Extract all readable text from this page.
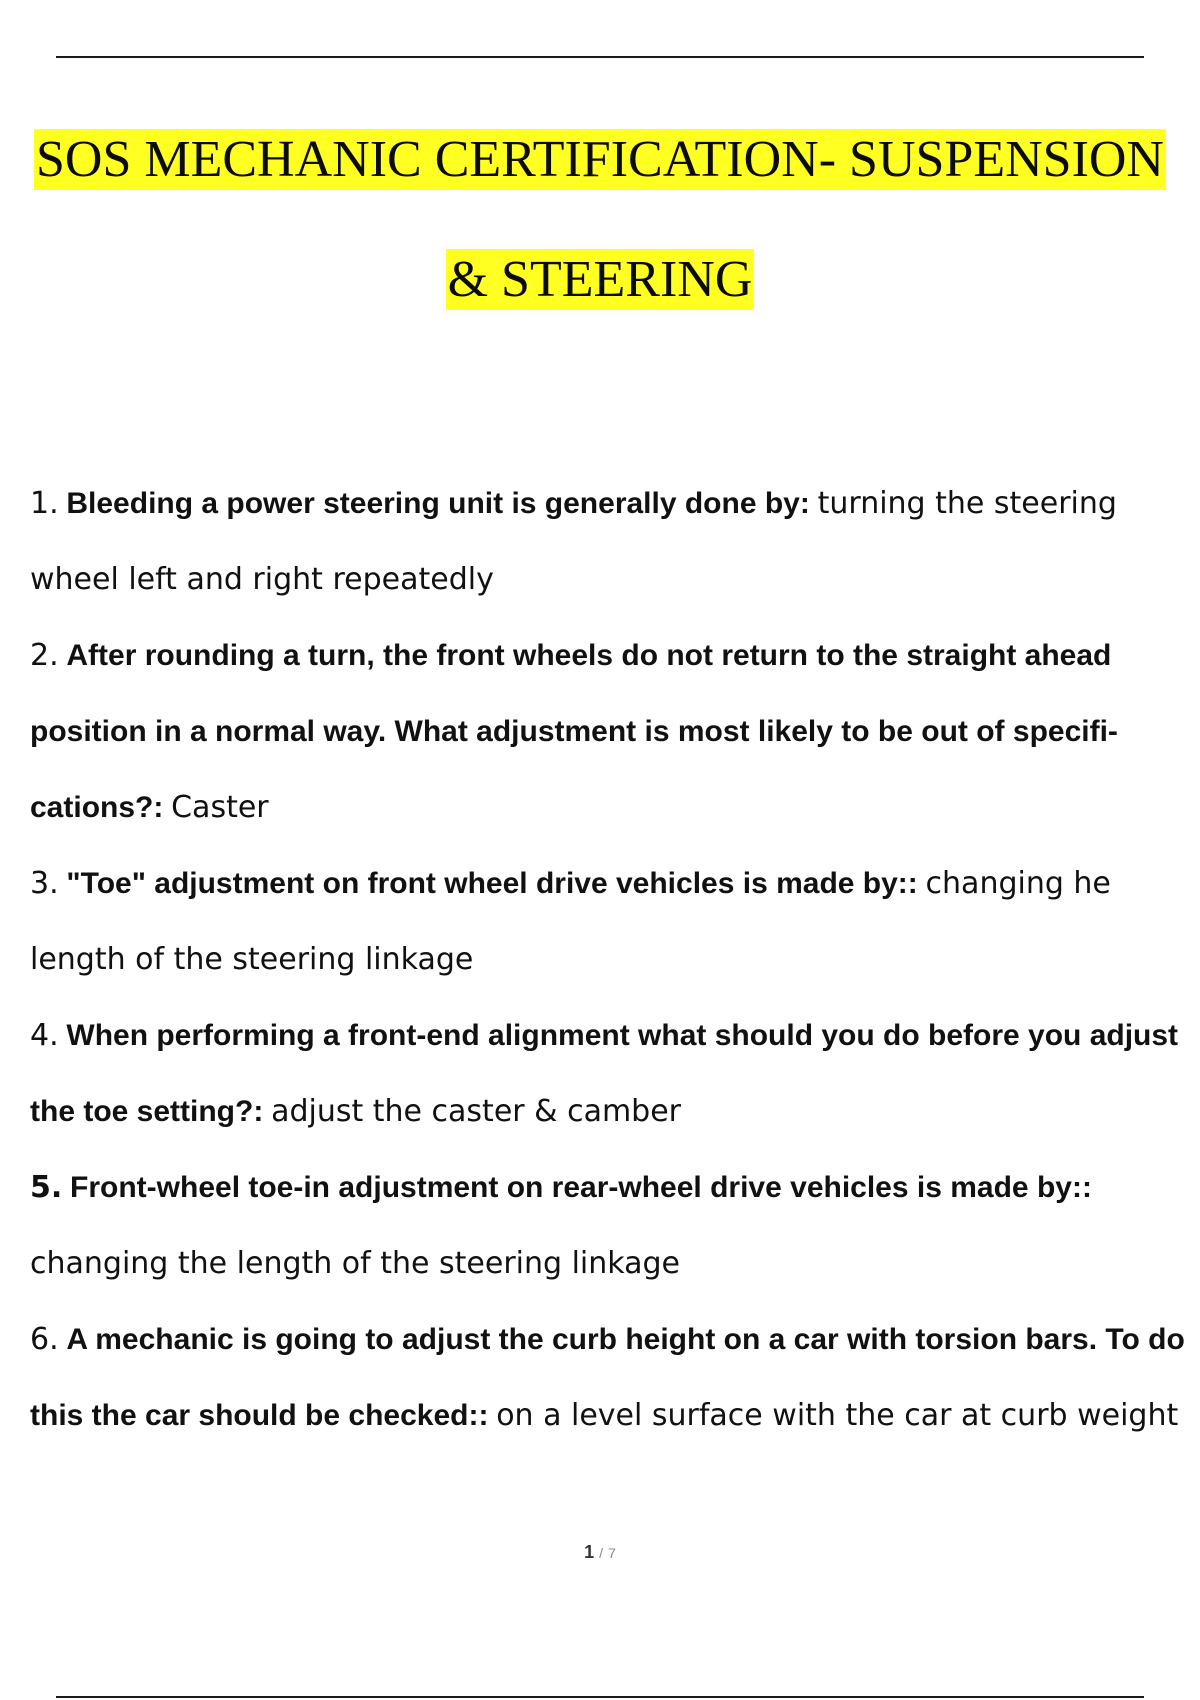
SOS MECHANIC CERTIFICATION- SUSPENSION
& STEERING
1. Bleeding a power steering unit is generally done by: turning the steering wheel left and right repeatedly
2. After rounding a turn, the front wheels do not return to the straight ahead position in a normal way. What adjustment is most likely to be out of specifi- cations?: Caster
3. "Toe" adjustment on front wheel drive vehicles is made by:: changing he length of the steering linkage
4. When performing a front-end alignment what should you do before you adjust the toe setting?: adjust the caster & camber
5. Front-wheel toe-in adjustment on rear-wheel drive vehicles is made by:: changing the length of the steering linkage
6. A mechanic is going to adjust the curb height on a car with torsion bars. To do this the car should be checked:: on a level surface with the car at curb weight
1 / 7
